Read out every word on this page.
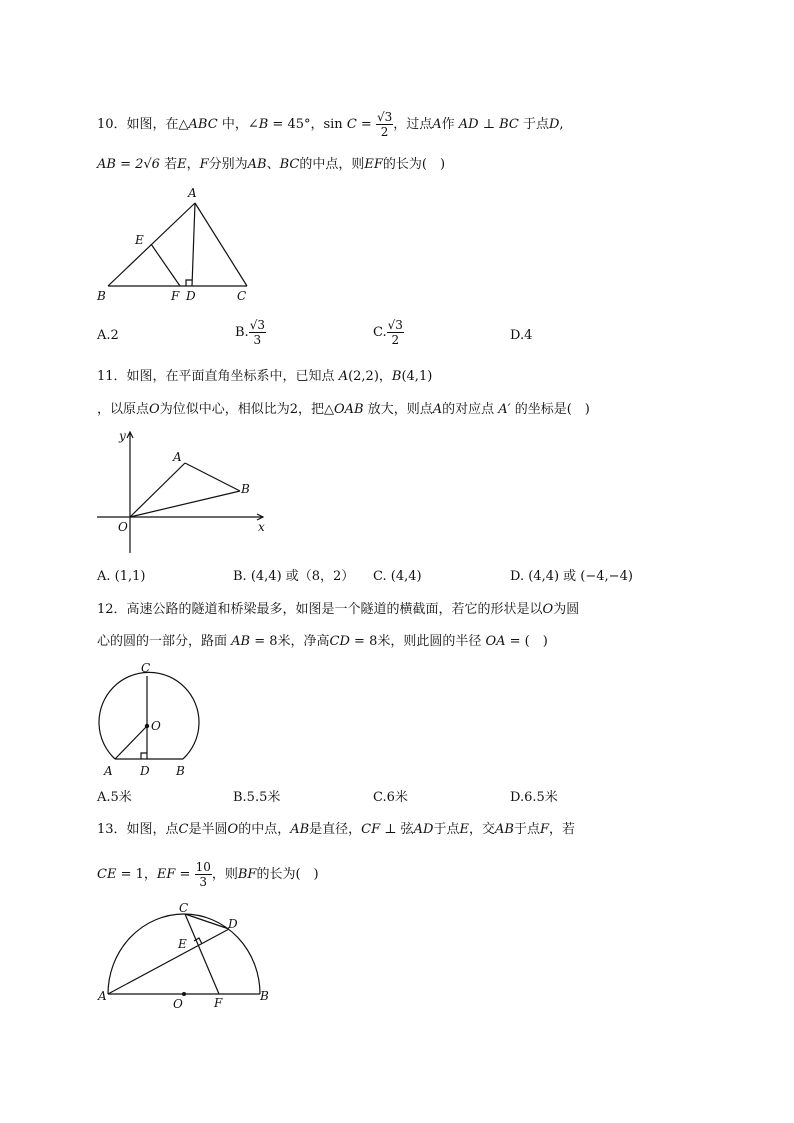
10．如图，在△ABC 中，∠B = 45°，$\sin C = \frac{√3}{2}$ ，过点A作 AD ⊥ BC 于点D,
AB = 2√6 若E，F分别为AB、BC的中点，则EF的长为(　)
A
B	C
D
E
F
A.2	B. $\frac{√3}{3}$	C. $\frac{√3}{2}$	D.4
11．如图，在平面直角坐标系中，已知点 A(2,2)，B(4,1)
，以原点O为位似中心，相似比为2，把△OAB 放大，则点A的对应点 A′ 的坐标是(　)
y
x
O
A
B
A. (1,1)	B. (4,4) 或（8，2） C. (4,4)	D. (4,4) 或 (−4,−4)
12．高速公路的隧道和桥梁最多，如图是一个隧道的横截面，若它的形状是以O为圆
心的圆的一部分，路面 AB = 8米，净高CD = 8米，则此圆的半径 OA = (　)
C
O
A D B
A.5米	B.5.5米	C.6米	D.6.5米
13．如图，点C是半圆O的中点，AB是直径，CF ⊥ 弦AD于点E，交AB于点F，若
CE = 1，EF = $\frac{10}{3}$ ，则BF的长为(　)
C
D
E
A
O	F	B
